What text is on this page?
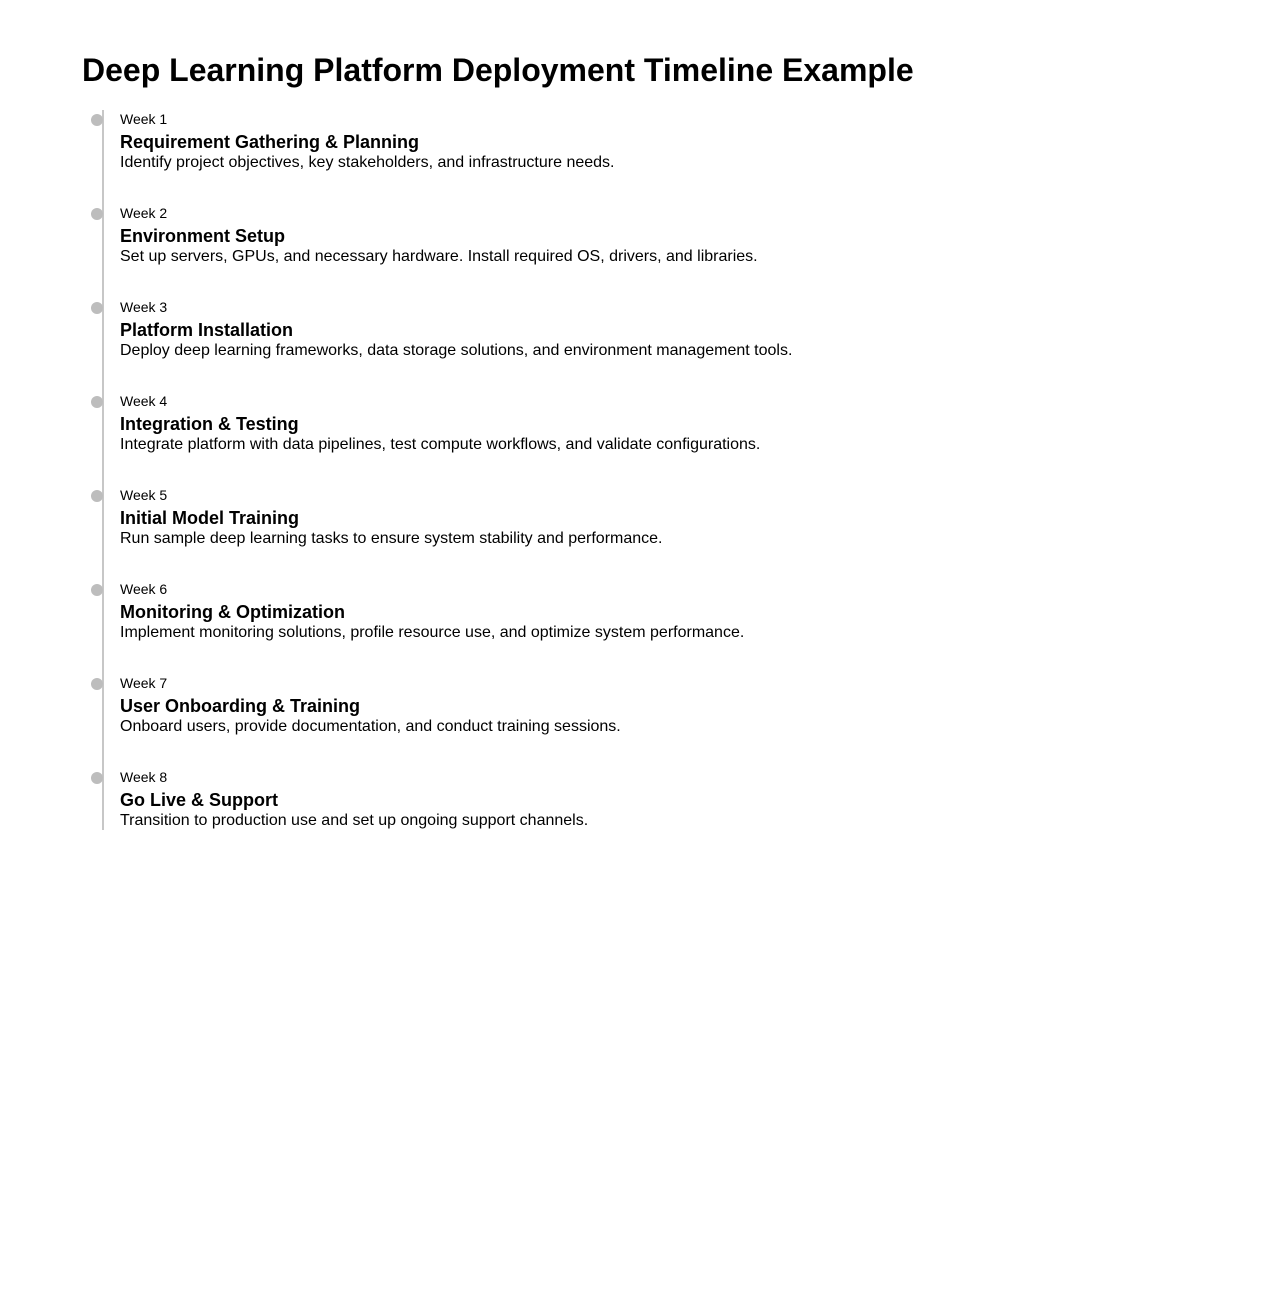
Deep Learning Platform Deployment Timeline Example
Week 1
Requirement Gathering & Planning
Identify project objectives, key stakeholders, and infrastructure needs.
Week 2
Environment Setup
Set up servers, GPUs, and necessary hardware. Install required OS, drivers, and libraries.
Week 3
Platform Installation
Deploy deep learning frameworks, data storage solutions, and environment management tools.
Week 4
Integration & Testing
Integrate platform with data pipelines, test compute workflows, and validate configurations.
Week 5
Initial Model Training
Run sample deep learning tasks to ensure system stability and performance.
Week 6
Monitoring & Optimization
Implement monitoring solutions, profile resource use, and optimize system performance.
Week 7
User Onboarding & Training
Onboard users, provide documentation, and conduct training sessions.
Week 8
Go Live & Support
Transition to production use and set up ongoing support channels.
